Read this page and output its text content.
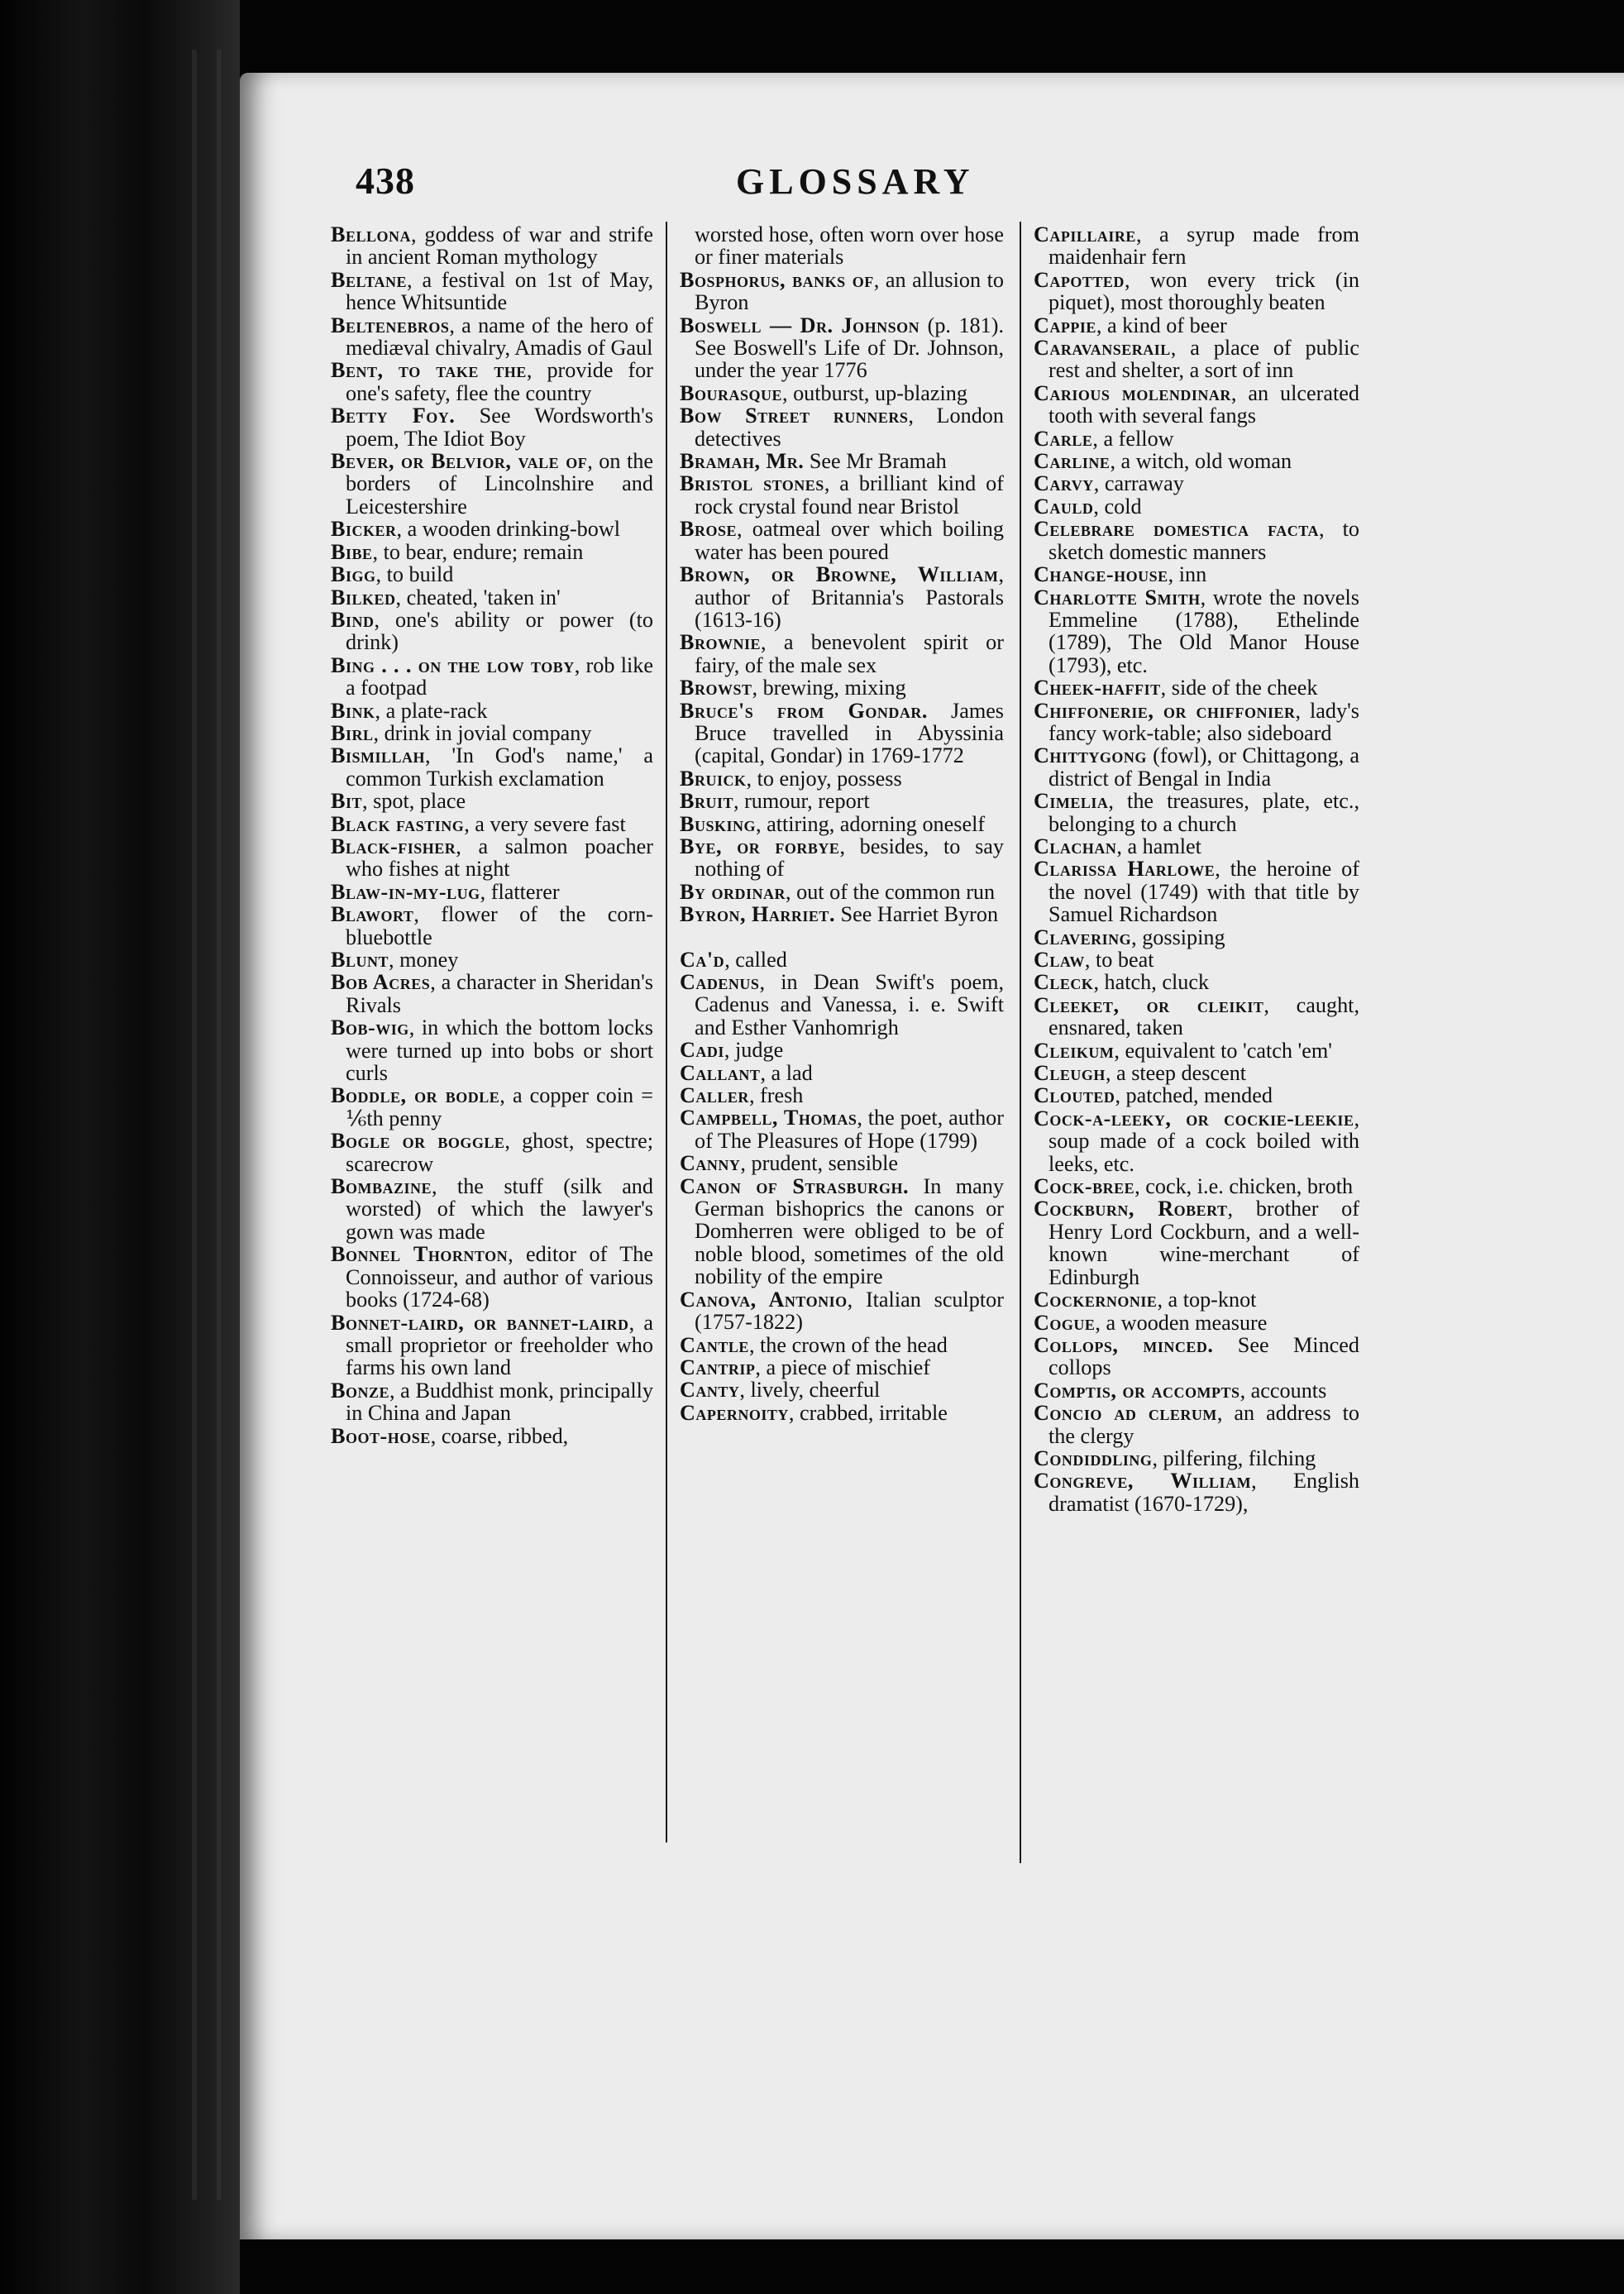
438	GLOSSARY

Bellona, goddess of war and strife in ancient Roman mythology

Beltane, a festival on 1st of May, hence Whitsuntide

Beltenebros, a name of the hero of mediæval chivalry, Amadis of Gaul

Bent, to take the, provide for one's safety, flee the country

Betty Foy. See Wordsworth's poem, The Idiot Boy

Bever, or Belvior, vale of, on the borders of Lincolnshire and Leicestershire

Bicker, a wooden drinking-bowl

Bibe, to bear, endure; remain

Bigg, to build

Bilked, cheated, 'taken in'

Bind, one's ability or power (to drink)

Bing . . . on the low toby, rob like a footpad

Bink, a plate-rack

Birl, drink in jovial company

Bismillah, 'In God's name,' a common Turkish exclamation

Bit, spot, place

Black fasting, a very severe fast

Black-fisher, a salmon poacher who fishes at night

Blaw-in-my-lug, flatterer

Blawort, flower of the corn-bluebottle

Blunt, money

Bob Acres, a character in Sheridan's Rivals

Bob-wig, in which the bottom locks were turned up into bobs or short curls

Boddle, or bodle, a copper coin = ⅙th penny

Bogle or boggle, ghost, spectre; scarecrow

Bombazine, the stuff (silk and worsted) of which the lawyer's gown was made

Bonnel Thornton, editor of The Connoisseur, and author of various books (1724-68)

Bonnet-laird, or bannet-laird, a small proprietor or freeholder who farms his own land

Bonze, a Buddhist monk, principally in China and Japan

Boot-hose, coarse, ribbed,

worsted hose, often worn over hose or finer materials

Bosphorus, banks of, an allusion to Byron

Boswell — Dr. Johnson (p. 181). See Boswell's Life of Dr. Johnson, under the year 1776

Bourasque, outburst, up-blazing

Bow Street runners, London detectives

Bramah, Mr. See Mr Bramah

Bristol stones, a brilliant kind of rock crystal found near Bristol

Brose, oatmeal over which boiling water has been poured

Brown, or Browne, William, author of Britannia's Pastorals (1613-16)

Brownie, a benevolent spirit or fairy, of the male sex

Browst, brewing, mixing

Bruce's from Gondar. James Bruce travelled in Abyssinia (capital, Gondar) in 1769-1772

Bruick, to enjoy, possess

Bruit, rumour, report

Busking, attiring, adorning oneself

Bye, or forbye, besides, to say nothing of

By ordinar, out of the common run

Byron, Harriet. See Harriet Byron

Ca'd, called

Cadenus, in Dean Swift's poem, Cadenus and Vanessa, i. e. Swift and Esther Vanhomrigh

Cadi, judge

Callant, a lad

Caller, fresh

Campbell, Thomas, the poet, author of The Pleasures of Hope (1799)

Canny, prudent, sensible

Canon of Strasburgh. In many German bishoprics the canons or Domherren were obliged to be of noble blood, sometimes of the old nobility of the empire

Canova, Antonio, Italian sculptor (1757-1822)

Cantle, the crown of the head

Cantrip, a piece of mischief

Canty, lively, cheerful

Capernoity, crabbed, irritable

Capillaire, a syrup made from maidenhair fern

Capotted, won every trick (in piquet), most thoroughly beaten

Cappie, a kind of beer

Caravanserail, a place of public rest and shelter, a sort of inn

Carious molendinar, an ulcerated tooth with several fangs

Carle, a fellow

Carline, a witch, old woman

Carvy, carraway

Cauld, cold

Celebrare domestica facta, to sketch domestic manners

Change-house, inn

Charlotte Smith, wrote the novels Emmeline (1788), Ethelinde (1789), The Old Manor House (1793), etc.

Cheek-haffit, side of the cheek

Chiffonerie, or chiffonier, lady's fancy work-table; also sideboard

Chittygong (fowl), or Chittagong, a district of Bengal in India

Cimelia, the treasures, plate, etc., belonging to a church

Clachan, a hamlet

Clarissa Harlowe, the heroine of the novel (1749) with that title by Samuel Richardson

Clavering, gossiping

Claw, to beat

Cleck, hatch, cluck

Cleeket, or cleikit, caught, ensnared, taken

Cleikum, equivalent to 'catch 'em'

Cleugh, a steep descent

Clouted, patched, mended

Cock-a-leeky, or cockie-leekie, soup made of a cock boiled with leeks, etc.

Cock-bree, cock, i.e. chicken, broth

Cockburn, Robert, brother of Henry Lord Cockburn, and a well-known wine-merchant of Edinburgh

Cockernonie, a top-knot

Cogue, a wooden measure

Collops, minced. See Minced collops

Comptis, or accompts, accounts

Concio ad clerum, an address to the clergy

Condiddling, pilfering, filching

Congreve, William, English dramatist (1670-1729),
